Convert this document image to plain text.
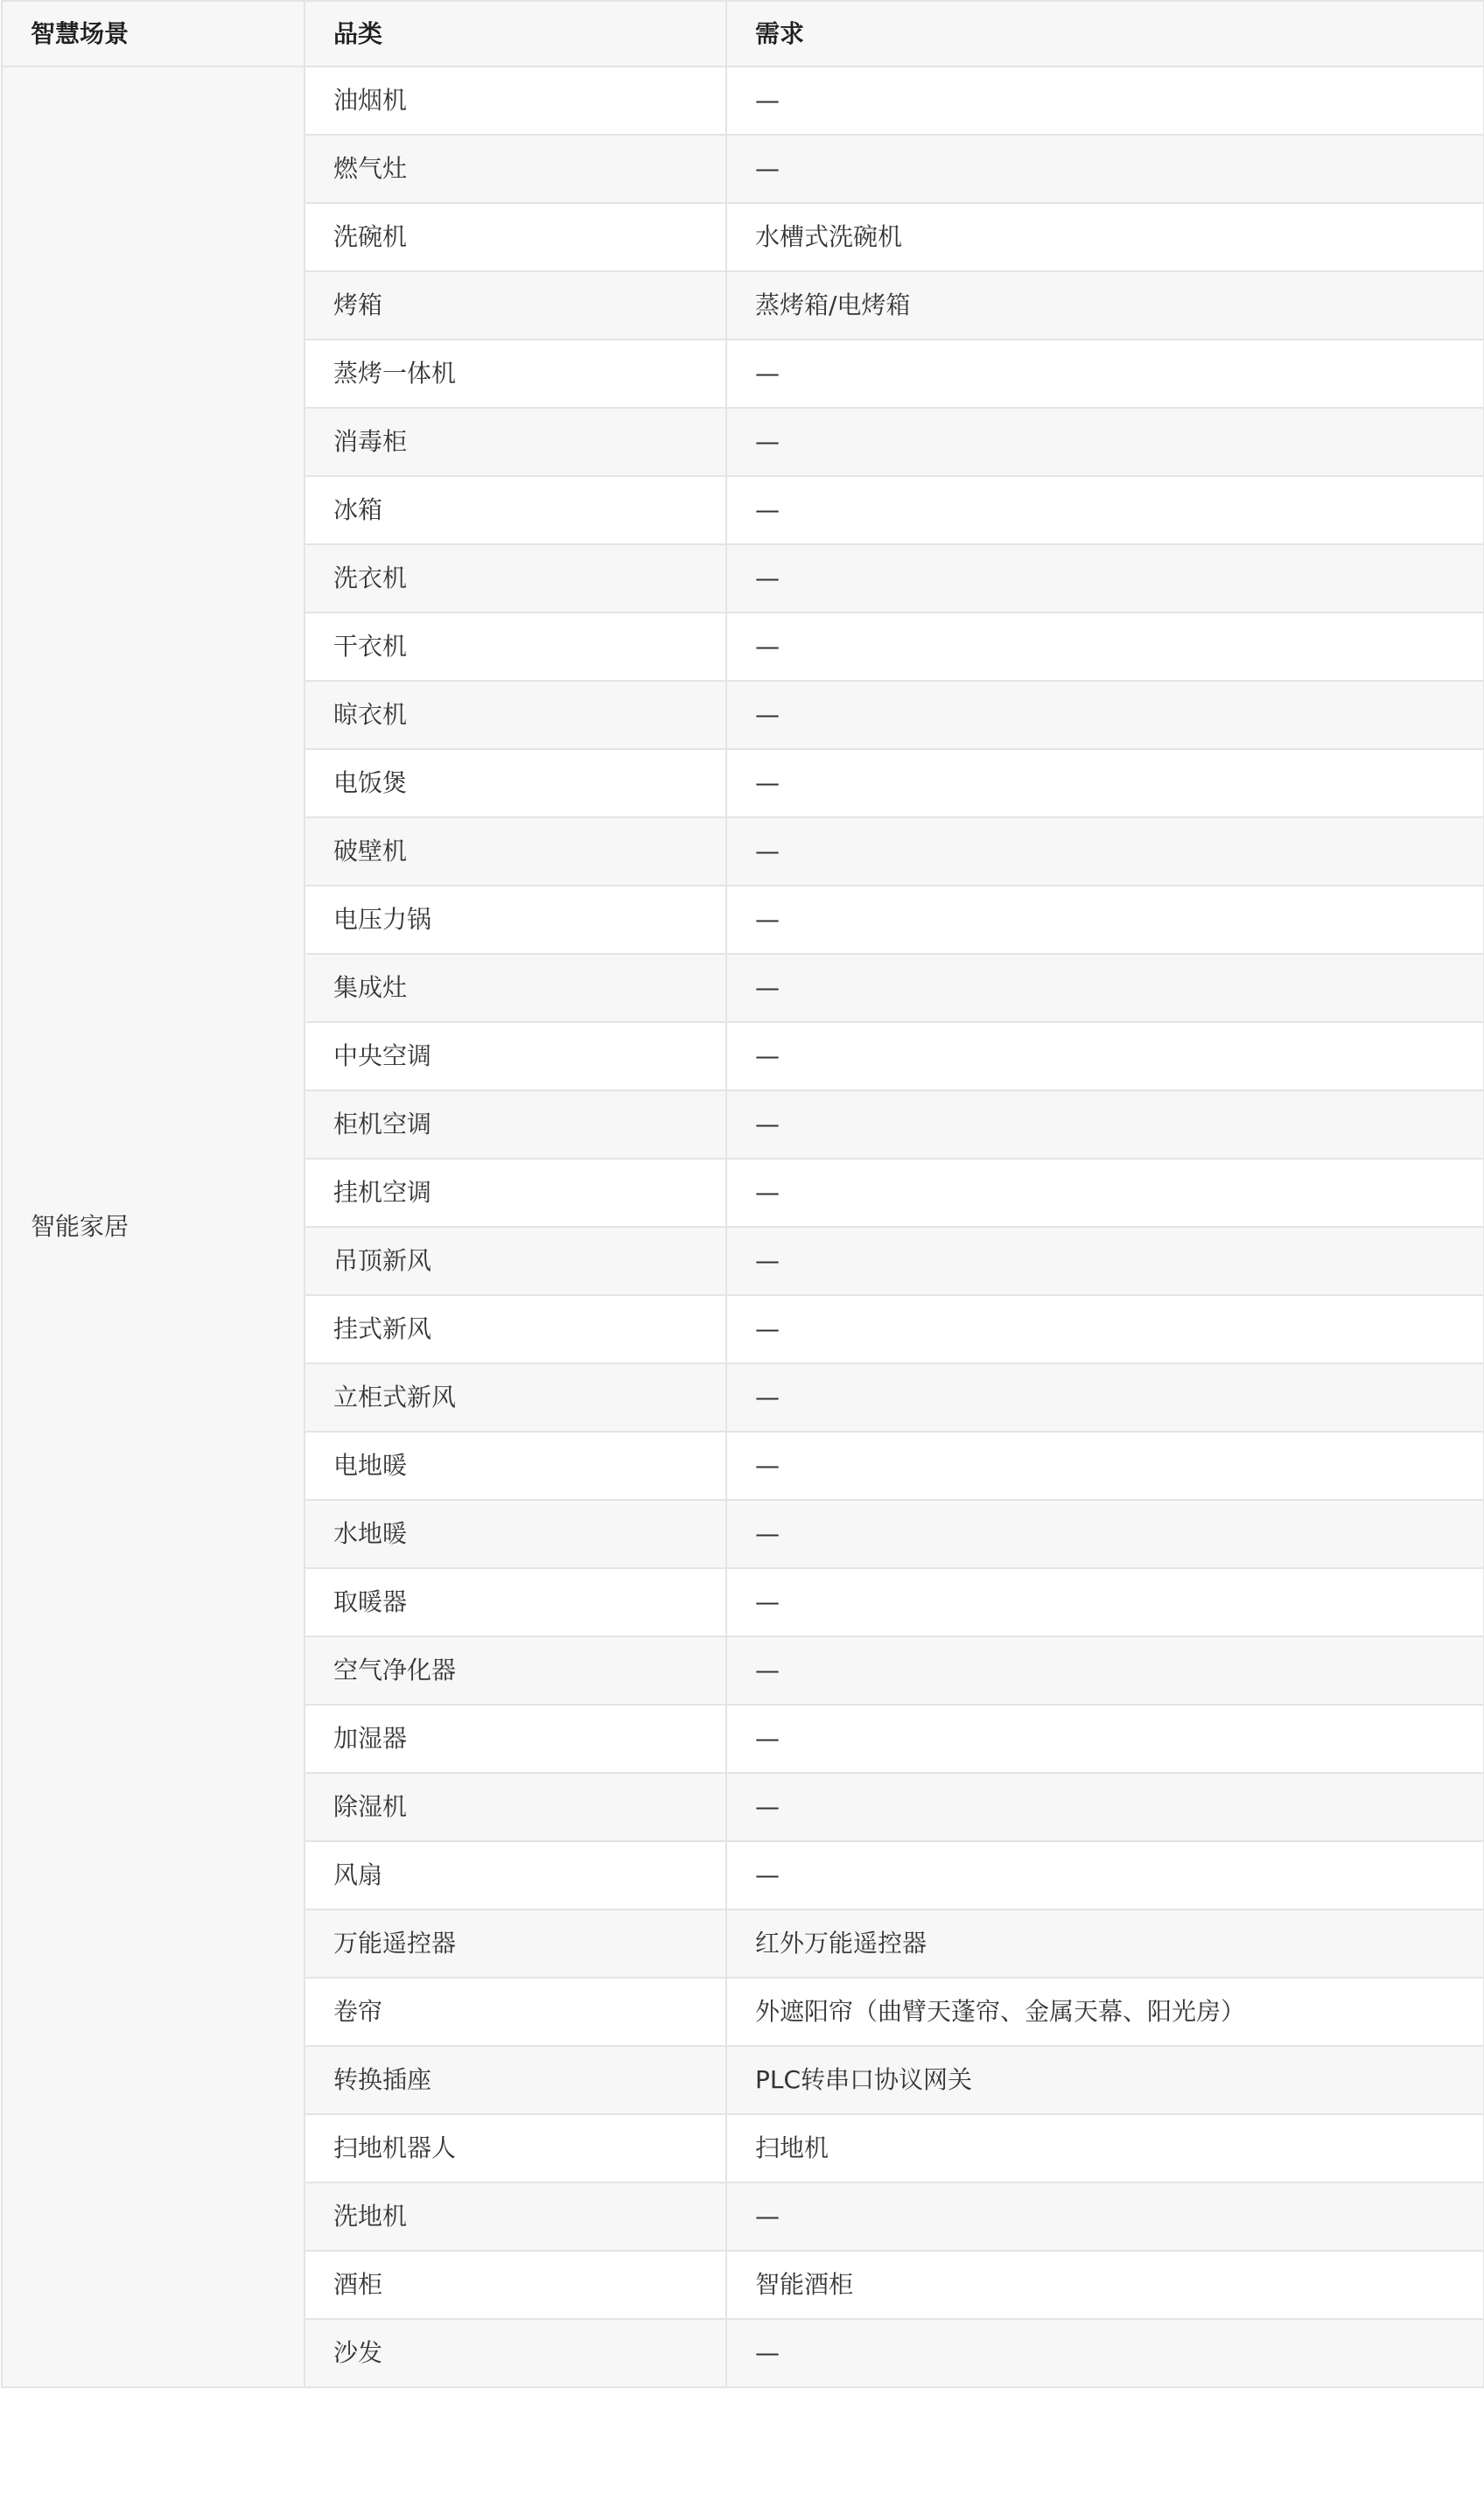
智慧场景	品类	需求
智能家居	油烟机	—
	燃气灶	—
	洗碗机	水槽式洗碗机
	烤箱	蒸烤箱/电烤箱
	蒸烤一体机	—
	消毒柜	—
	冰箱	—
	洗衣机	—
	干衣机	—
	晾衣机	—
	电饭煲	—
	破壁机	—
	电压力锅	—
	集成灶	—
	中央空调	—
	柜机空调	—
	挂机空调	—
	吊顶新风	—
	挂式新风	—
	立柜式新风	—
	电地暖	—
	水地暖	—
	取暖器	—
	空气净化器	—
	加湿器	—
	除湿机	—
	风扇	—
	万能遥控器	红外万能遥控器
	卷帘	外遮阳帘（曲臂天蓬帘、金属天幕、阳光房）
	转换插座	PLC转串口协议网关
	扫地机器人	扫地机
	洗地机	—
	酒柜	智能酒柜
	沙发	—
